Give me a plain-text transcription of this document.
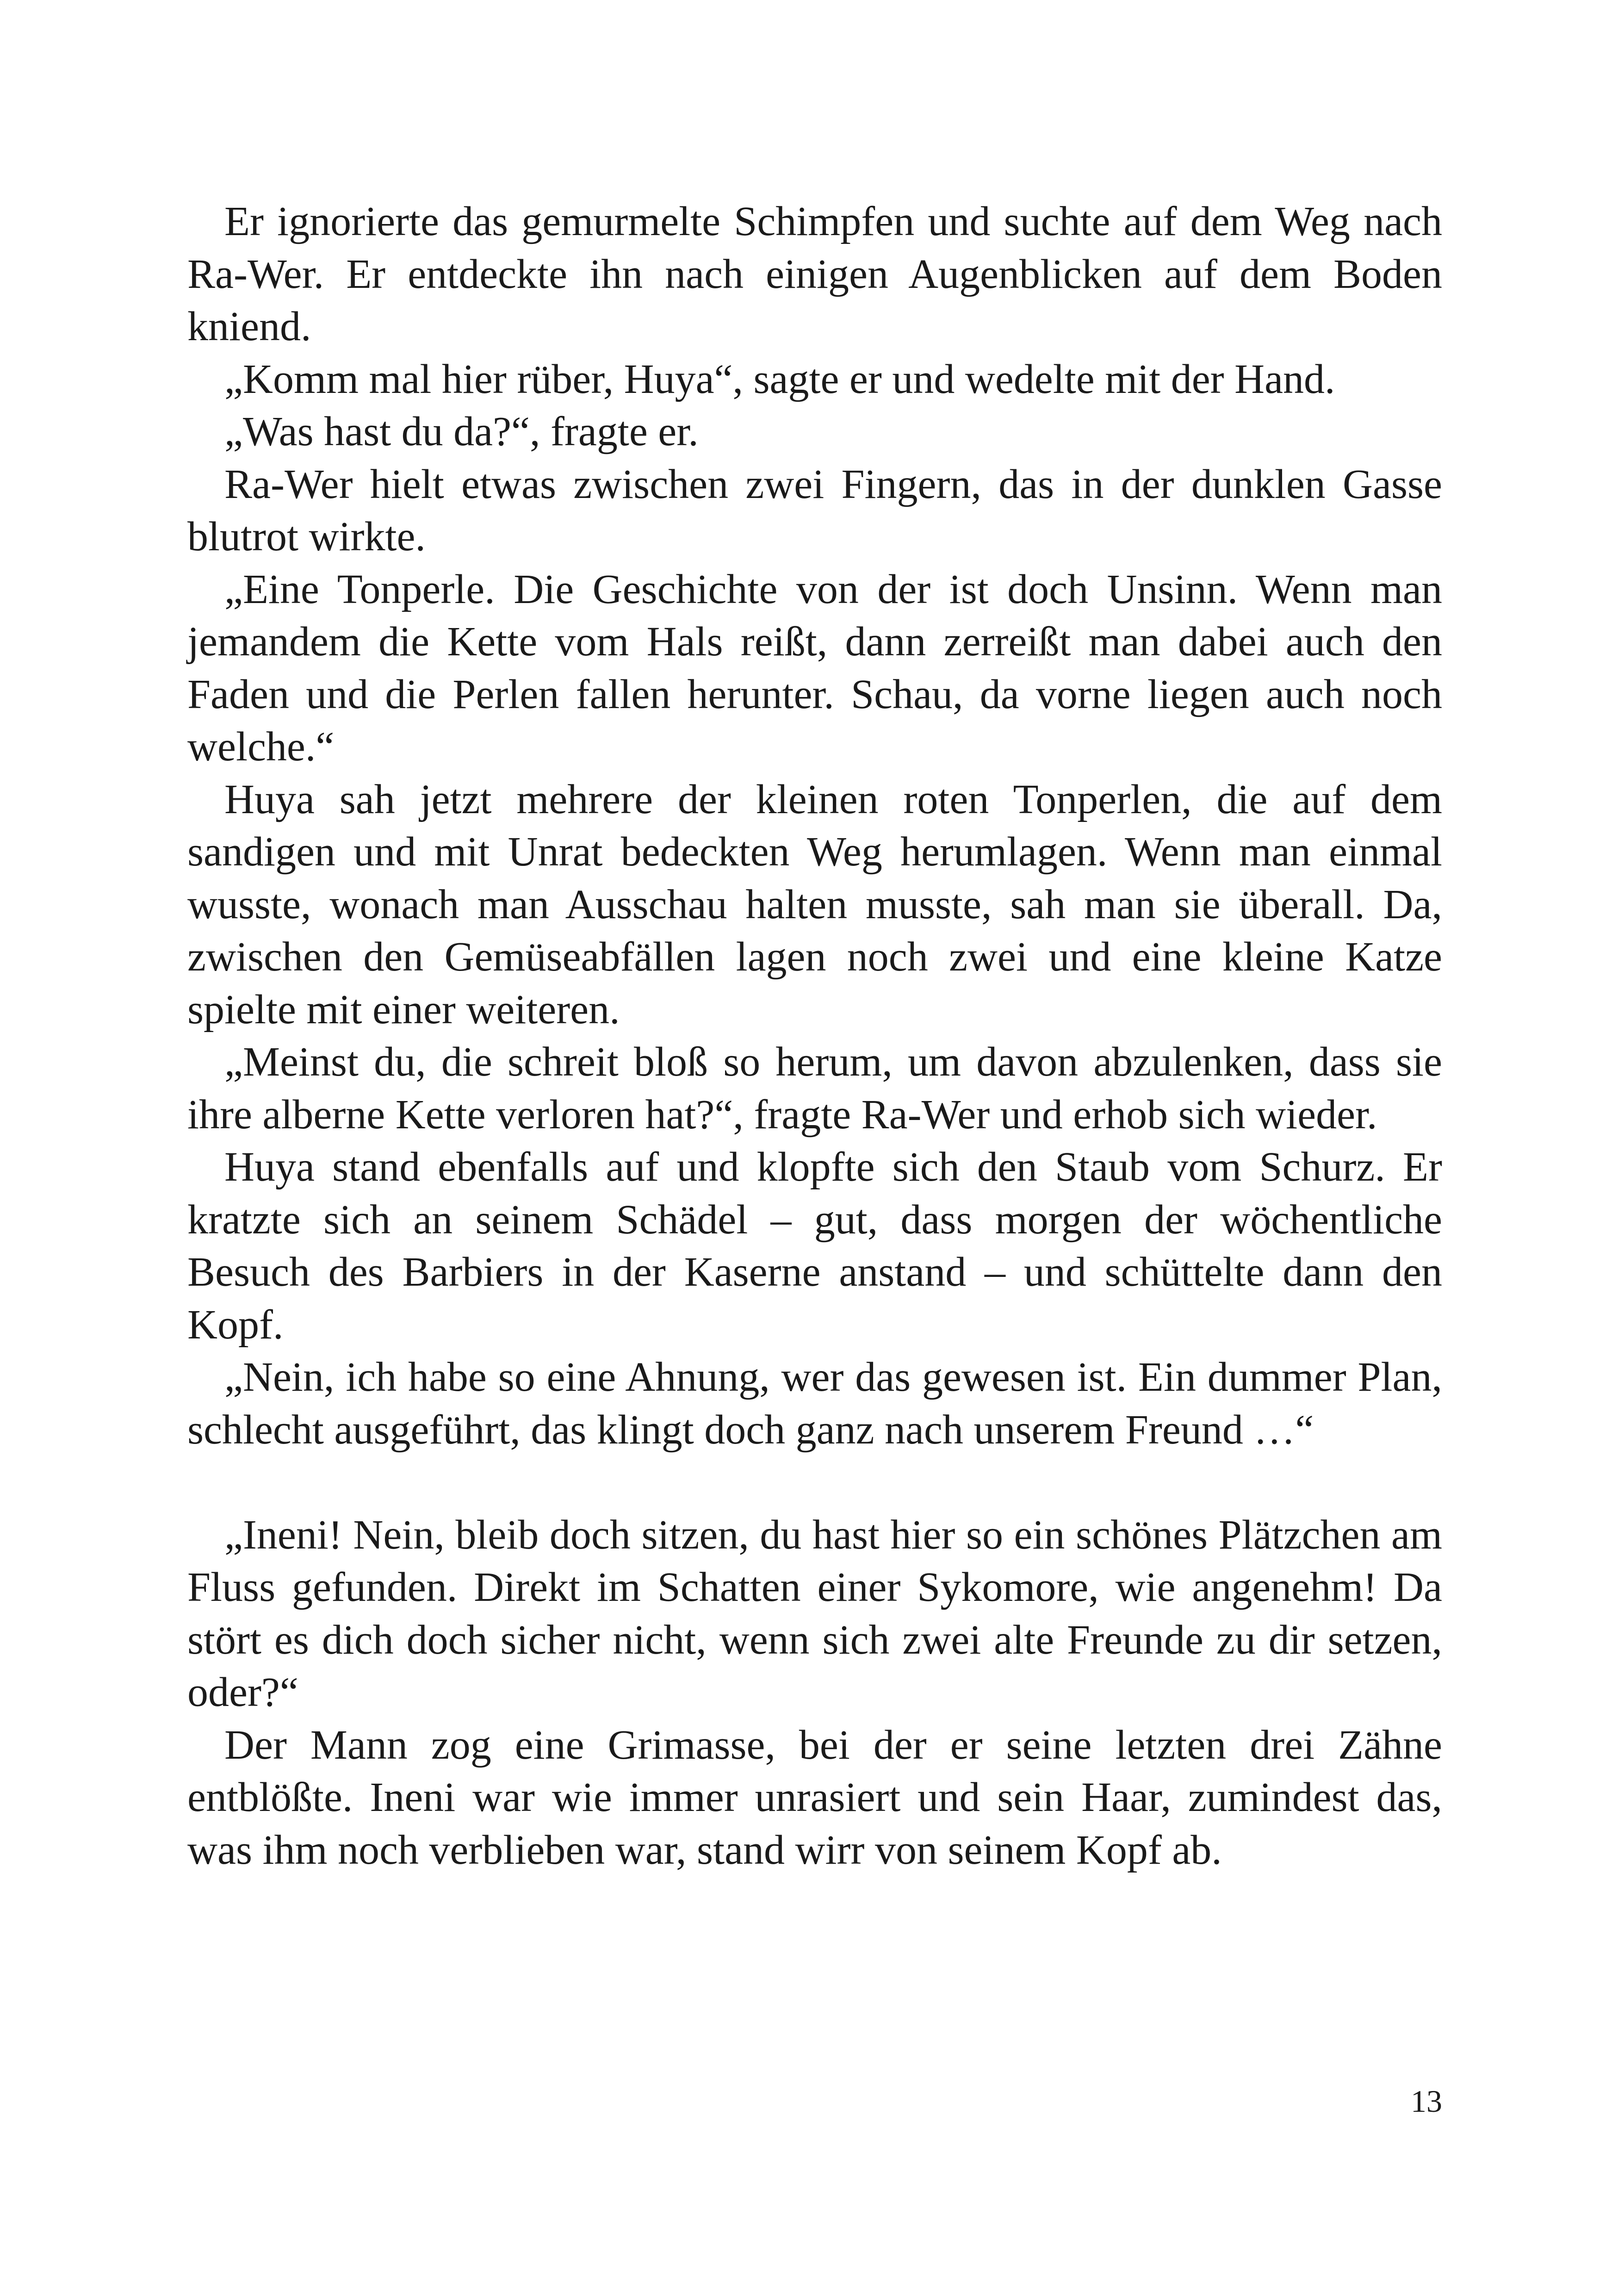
Er ignorierte das gemurmelte Schimpfen und suchte auf dem Weg nach Ra-Wer. Er entdeckte ihn nach einigen Augenblicken auf dem Boden kniend.

„Komm mal hier rüber, Huya“, sagte er und wedelte mit der Hand.

„Was hast du da?“, fragte er.

Ra-Wer hielt etwas zwischen zwei Fingern, das in der dunklen Gasse blutrot wirkte.

„Eine Tonperle. Die Geschichte von der ist doch Unsinn. Wenn man jemandem die Kette vom Hals reißt, dann zerreißt man dabei auch den Faden und die Perlen fallen herunter. Schau, da vorne liegen auch noch welche.“

Huya sah jetzt mehrere der kleinen roten Tonperlen, die auf dem sandigen und mit Unrat bedeckten Weg herumlagen. Wenn man einmal wusste, wonach man Ausschau halten musste, sah man sie überall. Da, zwischen den Gemüseabfällen lagen noch zwei und eine kleine Katze spielte mit einer weiteren.

„Meinst du, die schreit bloß so herum, um davon abzulenken, dass sie ihre alberne Kette verloren hat?“, fragte Ra-Wer und erhob sich wieder.

Huya stand ebenfalls auf und klopfte sich den Staub vom Schurz. Er kratzte sich an seinem Schädel – gut, dass morgen der wöchentliche Besuch des Barbiers in der Kaserne anstand – und schüttelte dann den Kopf.

„Nein, ich habe so eine Ahnung, wer das gewesen ist. Ein dummer Plan, schlecht ausgeführt, das klingt doch ganz nach unserem Freund …“

„Ineni! Nein, bleib doch sitzen, du hast hier so ein schönes Plätzchen am Fluss gefunden. Direkt im Schatten einer Sykomore, wie angenehm! Da stört es dich doch sicher nicht, wenn sich zwei alte Freunde zu dir setzen, oder?“

Der Mann zog eine Grimasse, bei der er seine letzten drei Zähne entblößte. Ineni war wie immer unrasiert und sein Haar, zumindest das, was ihm noch verblieben war, stand wirr von seinem Kopf ab.

13
